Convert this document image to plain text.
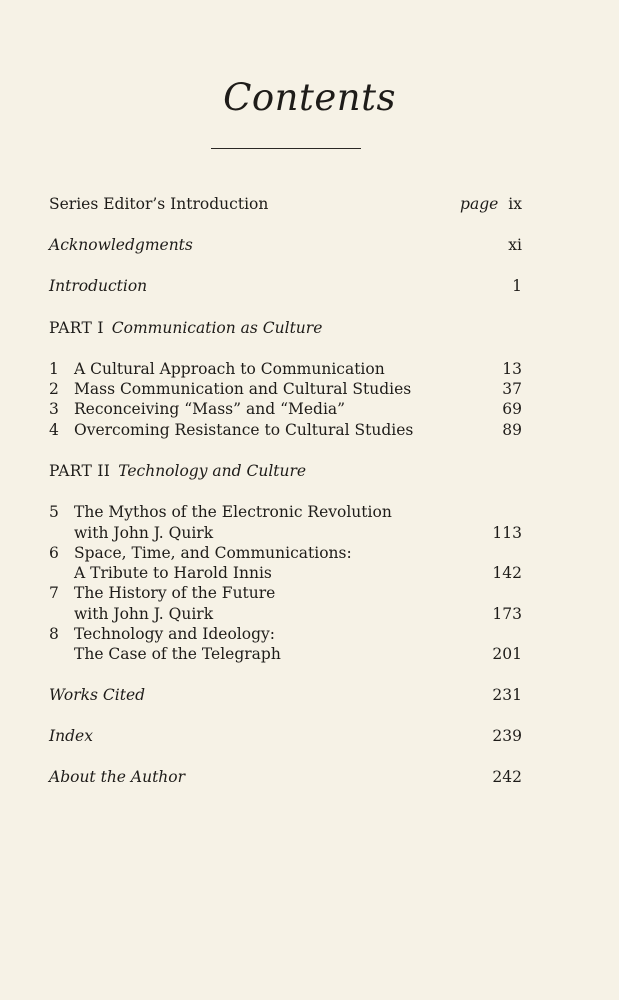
Contents
Series Editor’s Introduction	page ix
Acknowledgments	xi
Introduction	1
PART I Communication as Culture
1 A Cultural Approach to Communication	13
2 Mass Communication and Cultural Studies	37
3 Reconceiving “Mass” and “Media”	69
4 Overcoming Resistance to Cultural Studies	89
PART II Technology and Culture
5 The Mythos of the Electronic Revolution
with John J. Quirk	113
6 Space, Time, and Communications:
A Tribute to Harold Innis	142
7 The History of the Future
with John J. Quirk	173
8 Technology and Ideology:
The Case of the Telegraph	201
Works Cited	231
Index	239
About the Author	242
